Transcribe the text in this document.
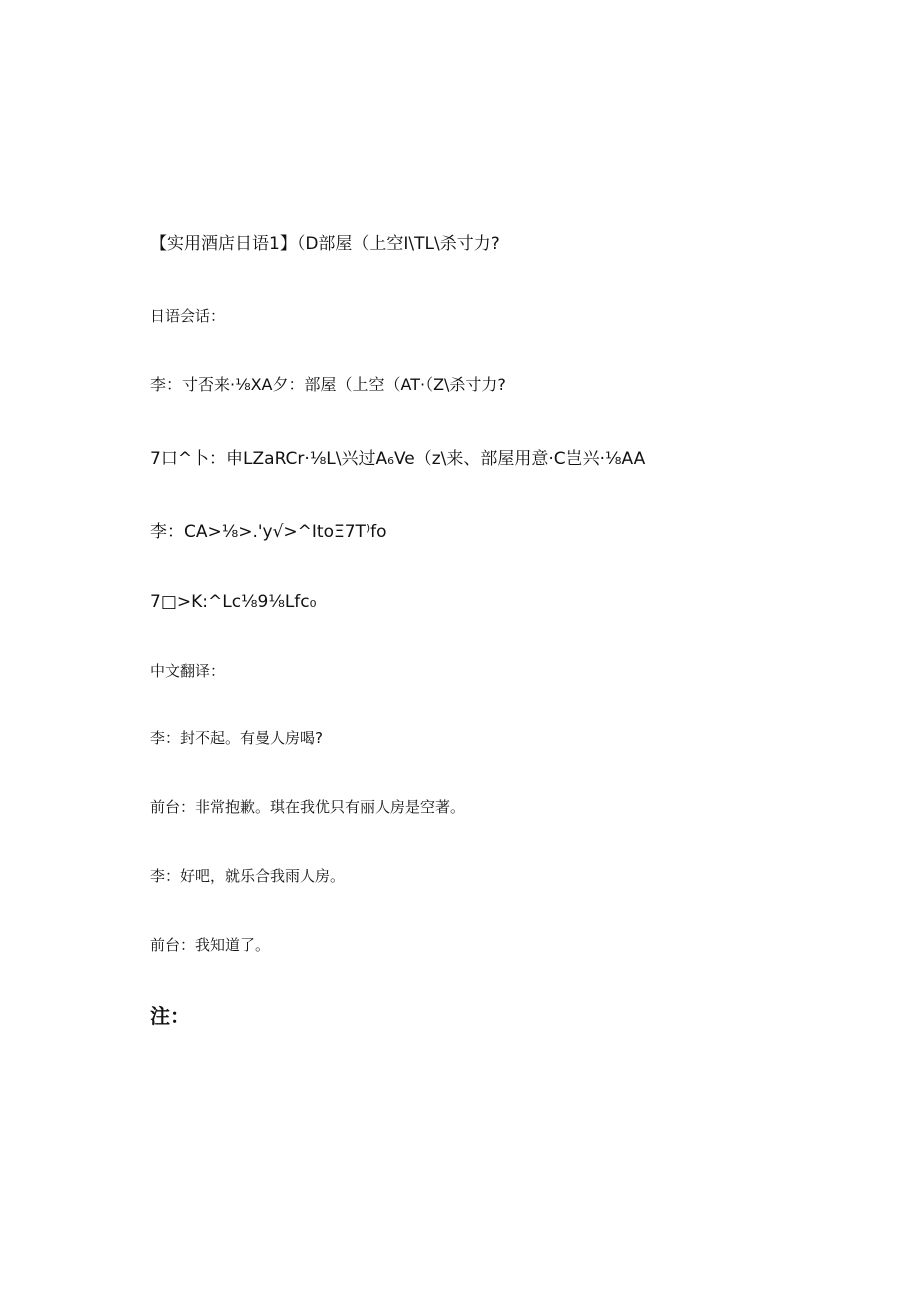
【实用酒店日语1】（D部屋（上空I\TL\杀寸力?
日语会话：
李：寸否来·⅛XA夕：部屋（上空（AT·（Z\杀寸力?
7口^卜：申LZaRCr·⅛L\兴过A₆Ve（z\来、部屋用意·C岂兴·⅛AA
李：CA>⅛>.'y√>^ItoΞ7T⁾fo
7□>K:^Lc⅛9⅛Lfc₀
中文翻译：
李：封不起。有曼人房喝?
前台：非常抱歉。琪在我优只有丽人房是空著。
李：好吧，就乐合我雨人房。
前台：我知道了。
注：
